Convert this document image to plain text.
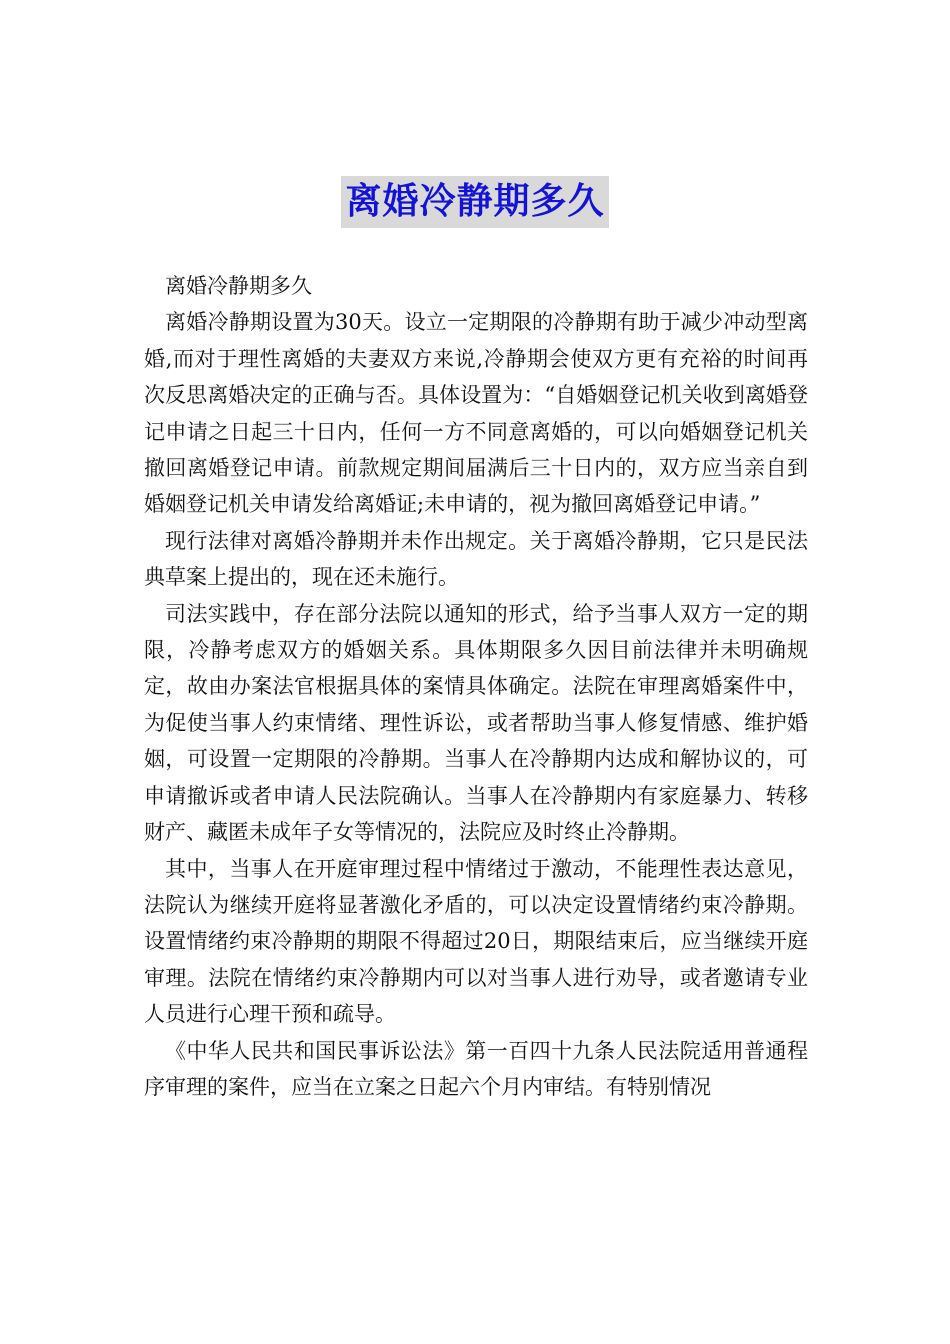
离婚冷静期多久

离婚冷静期多久

离婚冷静期设置为30天。设立一定期限的冷静期有助于减少冲动型离婚,而对于理性离婚的夫妻双方来说,冷静期会使双方更有充裕的时间再次反思离婚决定的正确与否。具体设置为：“自婚姻登记机关收到离婚登记申请之日起三十日内，任何一方不同意离婚的，可以向婚姻登记机关撤回离婚登记申请。前款规定期间届满后三十日内的，双方应当亲自到婚姻登记机关申请发给离婚证;未申请的，视为撤回离婚登记申请。”

现行法律对离婚冷静期并未作出规定。关于离婚冷静期，它只是民法典草案上提出的，现在还未施行。

司法实践中，存在部分法院以通知的形式，给予当事人双方一定的期限，冷静考虑双方的婚姻关系。具体期限多久因目前法律并未明确规定，故由办案法官根据具体的案情具体确定。法院在审理离婚案件中，为促使当事人约束情绪、理性诉讼，或者帮助当事人修复情感、维护婚姻，可设置一定期限的冷静期。当事人在冷静期内达成和解协议的，可申请撤诉或者申请人民法院确认。当事人在冷静期内有家庭暴力、转移财产、藏匿未成年子女等情况的，法院应及时终止冷静期。

其中，当事人在开庭审理过程中情绪过于激动，不能理性表达意见，法院认为继续开庭将显著激化矛盾的，可以决定设置情绪约束冷静期。设置情绪约束冷静期的期限不得超过20日，期限结束后，应当继续开庭审理。法院在情绪约束冷静期内可以对当事人进行劝导，或者邀请专业人员进行心理干预和疏导。

《中华人民共和国民事诉讼法》第一百四十九条人民法院适用普通程序审理的案件，应当在立案之日起六个月内审结。有特别情况
